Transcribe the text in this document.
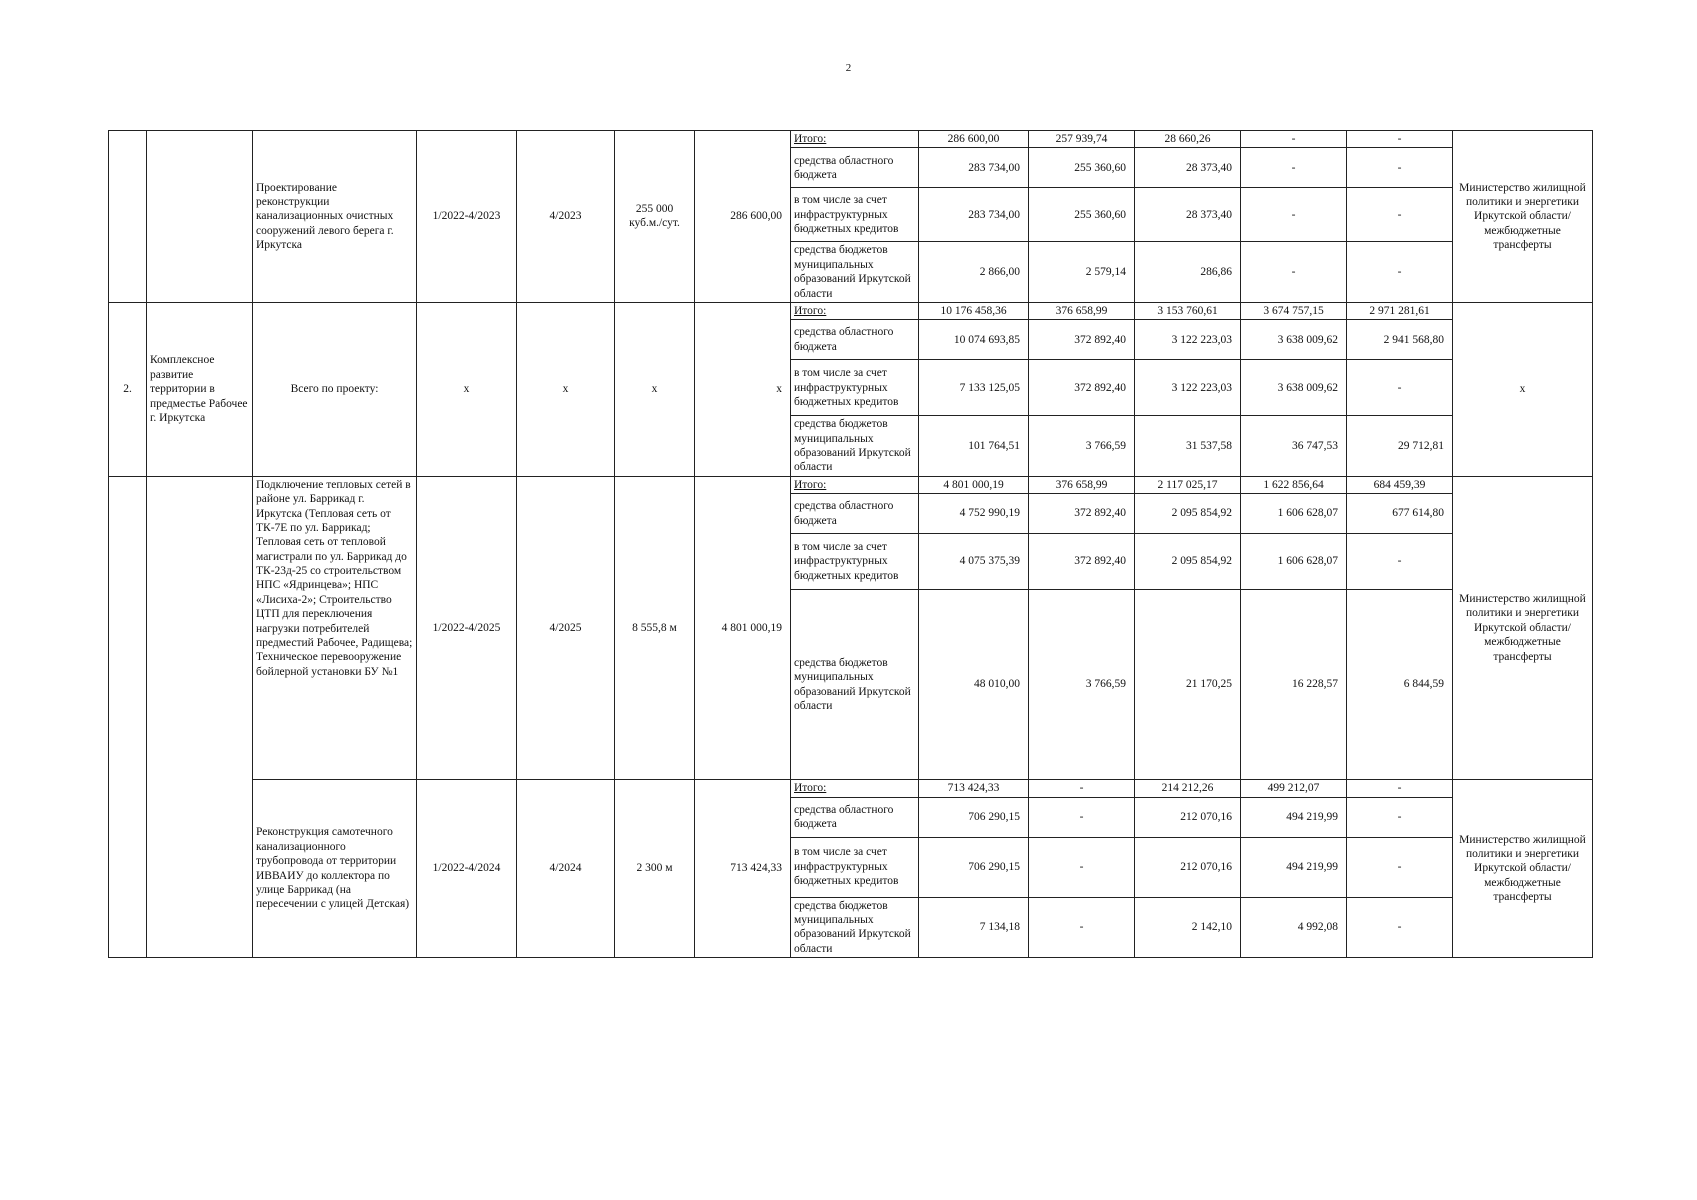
2
		Проектирование реконструкции канализационных очистных сооружений левого берега г. Иркутска	1/2022-4/2023	4/2023	255 000 куб.м./сут.	286 600,00	Итого:	286 600,00	257 939,74	28 660,26	-	-	Министерство жилищной политики и энергетики Иркутской области/ межбюджетные трансферты
							средства областного бюджета	283 734,00	255 360,60	28 373,40	-	-	
							в том числе за счет инфраструктурных бюджетных кредитов	283 734,00	255 360,60	28 373,40	-	-	
							средства бюджетов муниципальных образований Иркутской области	2 866,00	2 579,14	286,86	-	-	
2.	Комплексное развитие территории в предместье Рабочее г. Иркутска	Всего по проекту:	x	x	x	x	Итого:	10 176 458,36	376 658,99	3 153 760,61	3 674 757,15	2 971 281,61	x
							средства областного бюджета	10 074 693,85	372 892,40	3 122 223,03	3 638 009,62	2 941 568,80	
							в том числе за счет инфраструктурных бюджетных кредитов	7 133 125,05	372 892,40	3 122 223,03	3 638 009,62	-	
							средства бюджетов муниципальных образований Иркутской области	101 764,51	3 766,59	31 537,58	36 747,53	29 712,81	
		Подключение тепловых сетей в районе ул. Баррикад г. Иркутска (Тепловая сеть от ТК-7Е по ул. Баррикад; Тепловая сеть от тепловой магистрали по ул. Баррикад до ТК-23д-25 со строительством НПС «Ядринцева»; НПС «Лисиха-2»; Строительство ЦТП для переключения нагрузки потребителей предместий Рабочее, Радищева; Техническое перевооружение бойлерной установки БУ №1	1/2022-4/2025	4/2025	8 555,8 м	4 801 000,19	Итого:	4 801 000,19	376 658,99	2 117 025,17	1 622 856,64	684 459,39	Министерство жилищной политики и энергетики Иркутской области/ межбюджетные трансферты
							средства областного бюджета	4 752 990,19	372 892,40	2 095 854,92	1 606 628,07	677 614,80	
							в том числе за счет инфраструктурных бюджетных кредитов	4 075 375,39	372 892,40	2 095 854,92	1 606 628,07	-	
							средства бюджетов муниципальных образований Иркутской области	48 010,00	3 766,59	21 170,25	16 228,57	6 844,59	
		Реконструкция самотечного канализационного трубопровода от территории ИВВАИУ до коллектора по улице Баррикад (на пересечении с улицей Детская)	1/2022-4/2024	4/2024	2 300 м	713 424,33	Итого:	713 424,33	-	214 212,26	499 212,07	-	Министерство жилищной политики и энергетики Иркутской области/ межбюджетные трансферты
							средства областного бюджета	706 290,15	-	212 070,16	494 219,99	-	
							в том числе за счет инфраструктурных бюджетных кредитов	706 290,15	-	212 070,16	494 219,99	-	
							средства бюджетов муниципальных образований Иркутской области	7 134,18	-	2 142,10	4 992,08	-	
